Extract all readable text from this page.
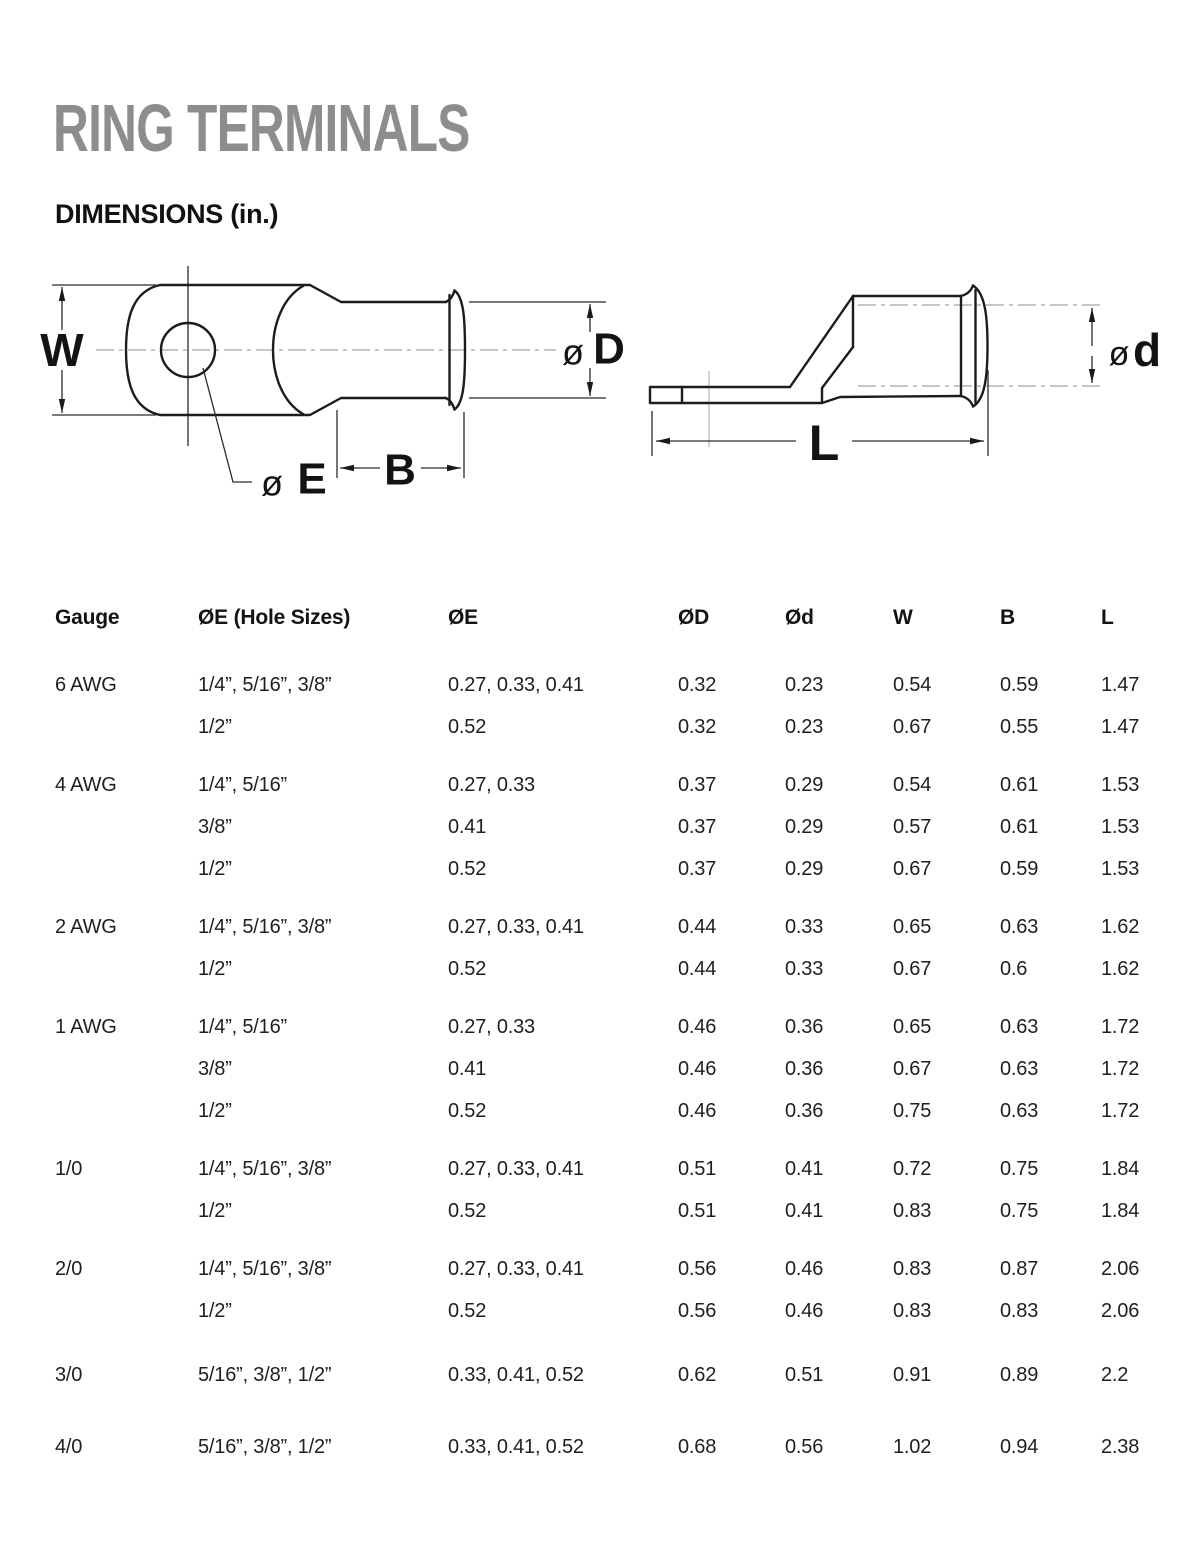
RING TERMINALS
DIMENSIONS (in.)
W	ø D
ø E B	L
ø d
Gauge	ØE (Hole Sizes)	ØE	ØD	Ød	W	B	L
6 AWG	1/4”, 5/16”, 3/8”	0.27, 0.33, 0.41	0.32	0.23	0.54	0.59	1.47
1/2”	0.52	0.32	0.23	0.67	0.55	1.47
4 AWG	1/4”, 5/16”	0.27, 0.33	0.37	0.29	0.54	0.61	1.53
3/8”	0.41	0.37	0.29	0.57	0.61	1.53
1/2”	0.52	0.37	0.29	0.67	0.59	1.53
2 AWG	1/4”, 5/16”, 3/8”	0.27, 0.33, 0.41	0.44	0.33	0.65	0.63	1.62
1/2”	0.52	0.44	0.33	0.67	0.6	1.62
1 AWG	1/4”, 5/16”	0.27, 0.33	0.46	0.36	0.65	0.63	1.72
3/8”	0.41	0.46	0.36	0.67	0.63	1.72
1/2”	0.52	0.46	0.36	0.75	0.63	1.72
1/0	1/4”, 5/16”, 3/8”	0.27, 0.33, 0.41	0.51	0.41	0.72	0.75	1.84
1/2”	0.52	0.51	0.41	0.83	0.75	1.84
2/0	1/4”, 5/16”, 3/8”	0.27, 0.33, 0.41	0.56	0.46	0.83	0.87	2.06
1/2”	0.52	0.56	0.46	0.83	0.83	2.06
3/0	5/16”, 3/8”, 1/2”	0.33, 0.41, 0.52	0.62	0.51	0.91	0.89	2.2
4/0	5/16”, 3/8”, 1/2”	0.33, 0.41, 0.52	0.68	0.56	1.02	0.94	2.38
